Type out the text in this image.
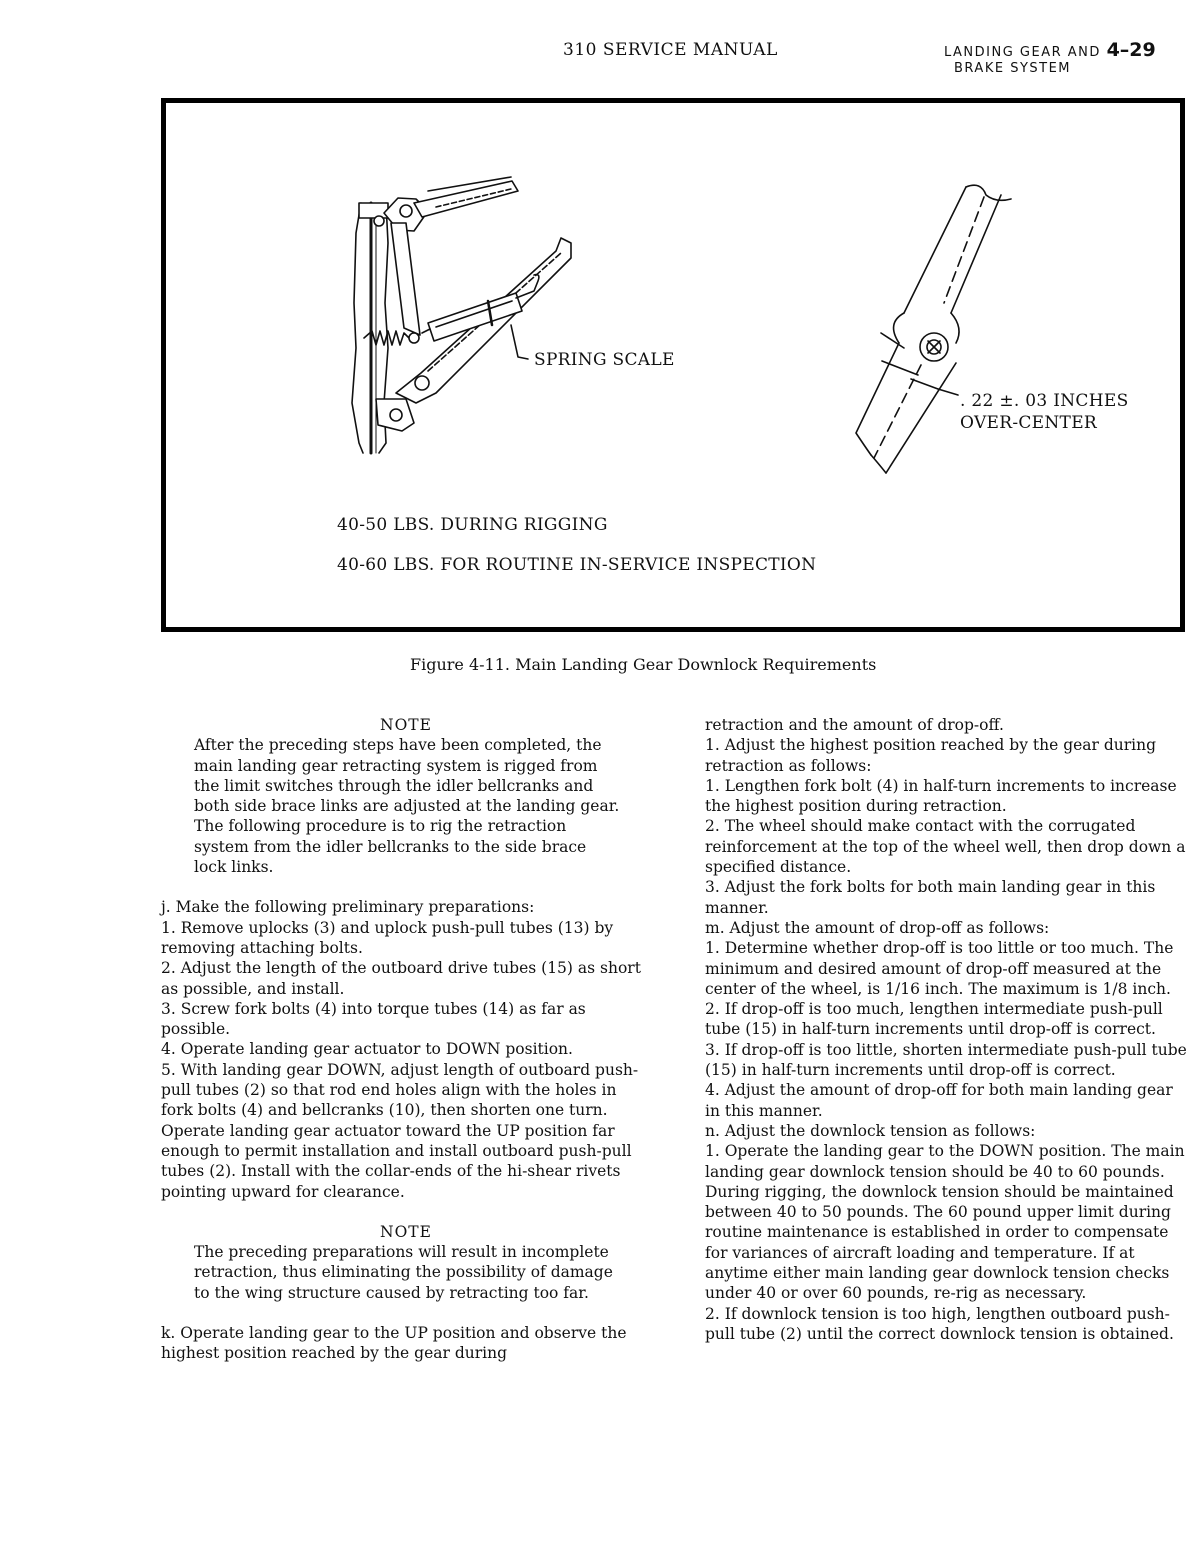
310 SERVICE MANUAL	LANDING GEAR AND 4–29
BRAKE SYSTEM
SPRING SCALE
. 22 ±. 03 INCHES
OVER-CENTER
40-50 LBS. DURING RIGGING
40-60 LBS. FOR ROUTINE IN-SERVICE INSPECTION
Figure 4-11. Main Landing Gear Downlock Requirements

NOTE

After the preceding steps have been completed, the main landing gear retracting system is rigged from the limit switches through the idler bellcranks and both side brace links are adjusted at the landing gear. The following procedure is to rig the retraction system from the idler bellcranks to the side brace lock links.

j. Make the following preliminary preparations:

1. Remove uplocks (3) and uplock push-pull tubes (13) by removing attaching bolts.

2. Adjust the length of the outboard drive tubes (15) as short as possible, and install.

3. Screw fork bolts (4) into torque tubes (14) as far as possible.

4. Operate landing gear actuator to DOWN position.

5. With landing gear DOWN, adjust length of outboard push-pull tubes (2) so that rod end holes align with the holes in fork bolts (4) and bellcranks (10), then shorten one turn. Operate landing gear actuator toward the UP position far enough to permit installation and install outboard push-pull tubes (2). Install with the collar-ends of the hi-shear rivets pointing upward for clearance.

NOTE

The preceding preparations will result in incomplete retraction, thus eliminating the possibility of damage to the wing structure caused by retracting too far.

k. Operate landing gear to the UP position and observe the highest position reached by the gear during

retraction and the amount of drop-off.

1. Adjust the highest position reached by the gear during retraction as follows:

1. Lengthen fork bolt (4) in half-turn increments to increase the highest position during retraction.

2. The wheel should make contact with the corrugated reinforcement at the top of the wheel well, then drop down a specified distance.

3. Adjust the fork bolts for both main landing gear in this manner.

m. Adjust the amount of drop-off as follows:

1. Determine whether drop-off is too little or too much. The minimum and desired amount of drop-off measured at the center of the wheel, is 1/16 inch. The maximum is 1/8 inch.

2. If drop-off is too much, lengthen intermediate push-pull tube (15) in half-turn increments until drop-off is correct.

3. If drop-off is too little, shorten intermediate push-pull tube (15) in half-turn increments until drop-off is correct.

4. Adjust the amount of drop-off for both main landing gear in this manner.

n. Adjust the downlock tension as follows:

1. Operate the landing gear to the DOWN position. The main landing gear downlock tension should be 40 to 60 pounds. During rigging, the downlock tension should be maintained between 40 to 50 pounds. The 60 pound upper limit during routine maintenance is established in order to compensate for variances of aircraft loading and temperature. If at anytime either main landing gear downlock tension checks under 40 or over 60 pounds, re-rig as necessary.

2. If downlock tension is too high, lengthen outboard push-pull tube (2) until the correct downlock tension is obtained.
